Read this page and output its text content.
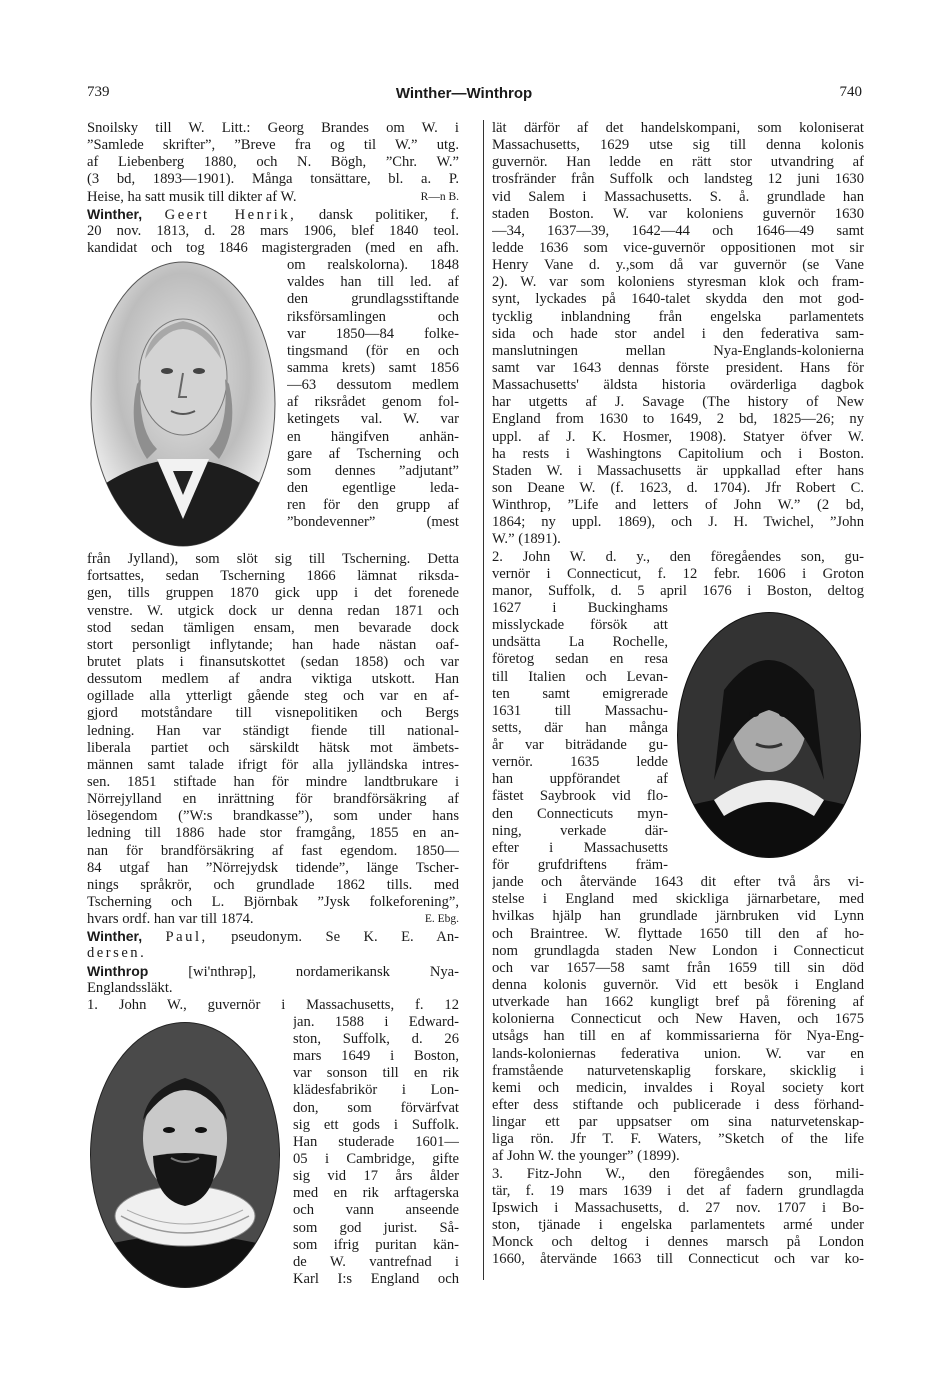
739	Winther—Winthrop	740
Snoilsky till W. Litt.: Georg Brandes om W. i
”Samlede skrifter”, ”Breve fra og til W.” utg.
af Liebenberg 1880, och N. Bögh, ”Chr. W.”
(3 bd, 1893—1901). Många tonsättare, bl. a. P.
Heise, ha satt musik till dikter af W.	R—n B.
Winther, Geert Henrik, dansk politiker, f.
20 nov. 1813, d. 28 mars 1906, blef 1840 teol.
kandidat och tog 1846 magistergraden (med en afh.
om realskolorna). 1848
valdes han till led. af
den grundlagsstiftande
riksförsamlingen och
var 1850—84 folke-
tingsmand (för en och
samma krets) samt 1856
—63 dessutom medlem
af riksrådet genom fol-
ketingets val. W. var
en hängifven anhän-
gare af Tscherning och
som dennes ”adjutant”
den egentlige leda-
ren för den grupp af
”bondevenner” (mest
från Jylland), som slöt sig till Tscherning. Detta
fortsattes, sedan Tscherning 1866 lämnat riksda-
gen, tills gruppen 1870 gick upp i det forenede
venstre. W. utgick dock ur denna redan 1871 och
stod sedan tämligen ensam, men bevarade dock
stort personligt inflytande; han hade nästan oaf-
brutet plats i finansutskottet (sedan 1858) och var
dessutom medlem af andra viktiga utskott. Han
ogillade alla ytterligt gående steg och var en af-
gjord motståndare till visnepolitiken och Bergs
ledning. Han var ständigt fiende till national-
liberala partiet och särskildt hätsk mot ämbets-
männen samt talade ifrigt för alla jylländska intres-
sen. 1851 stiftade han för mindre landtbrukare i
Nörrejylland en inrättning för brandförsäkring af
lösegendom (”W:s brandkasse”), som under hans
ledning till 1886 hade stor framgång, 1855 en an-
nan för brandförsäkring af fast egendom. 1850—
84 utgaf han ”Nörrejydsk tidende”, länge Tscher-
nings språkrör, och grundlade 1862 tills. med
Tscherning och L. Björnbak ”Jysk folkeforening”,
hvars ordf. han var till 1874.	E. Ebg.
Winther, Paul, pseudonym. Se K. E. An-
dersen.
Winthrop	[wi'nthrəp], nordamerikansk Nya-
Englandssläkt.
1. John W., guvernör i Massachusetts, f. 12
jan. 1588 i Edward-
ston, Suffolk, d. 26
mars 1649 i Boston,
var sonson till en rik
klädesfabrikör i Lon-
don, som förvärfvat
sig ett gods i Suffolk.
Han studerade 1601—
05 i Cambridge, gifte
sig vid 17 års ålder
med en rik arftagerska
och vann anseende
som god jurist. Så-
som ifrig puritan kän-
de W. vantrefnad i
Karl I:s England och
lät därför af det handelskompani, som koloniserat
Massachusetts, 1629 utse sig till denna kolonis
guvernör. Han ledde en rätt stor utvandring af
trosfränder från Suffolk och landsteg 12 juni 1630
vid Salem i Massachusetts. S. å. grundlade han
staden Boston. W. var koloniens guvernör 1630
—34, 1637—39, 1642—44 och 1646—49 samt
ledde 1636 som vice-guvernör oppositionen mot sir
Henry Vane d. y.,som då var guvernör (se Vane
2). W. var som koloniens styresman klok och fram-
synt, lyckades på 1640-talet skydda den mot god-
tycklig inblandning från engelska parlamentets
sida och hade stor andel i den federativa sam-
manslutningen mellan Nya-Englands-kolonierna
samt var 1643 dennas förste president. Hans för
Massachusetts' äldsta historia ovärderliga dagbok
har utgetts af J. Savage (The history of New
England from 1630 to 1649, 2 bd, 1825—26; ny
uppl. af J. K. Hosmer, 1908). Statyer öfver W.
ha rests i Washingtons Capitolium och i Boston.
Staden W. i Massachusetts är uppkallad efter hans
son Deane W. (f. 1623, d. 1704). Jfr Robert C.
Winthrop, ”Life and letters of John W.” (2 bd,
1864; ny uppl. 1869), och J. H. Twichel, ”John
W.” (1891).
2. John W. d. y., den föregåendes son, gu-
vernör i Connecticut, f. 12 febr. 1606 i Groton
manor, Suffolk, d. 5 april 1676 i Boston, deltog
1627 i Buckinghams
misslyckade försök att
undsätta La Rochelle,
företog sedan en resa
till Italien och Levan-
ten samt emigrerade
1631 till Massachu-
setts, där han många
år var biträdande gu-
vernör. 1635 ledde
han uppförandet af
fästet Saybrook vid flo-
den Connecticuts myn-
ning, verkade där-
efter i Massachusetts
för grufdriftens främ-
jande och återvände 1643 dit efter två års vi-
stelse i England med skickliga järnarbetare, med
hvilkas hjälp han grundlade järnbruken vid Lynn
och Braintree. W. flyttade 1650 till den af ho-
nom grundlagda staden New London i Connecticut
och var 1657—58 samt från 1659 till sin död
denna kolonis guvernör. Vid ett besök i England
utverkade han 1662 kungligt bref på förening af
kolonierna Connecticut och New Haven, och 1675
utsågs han till en af kommissarierna för Nya-Eng-
lands-koloniernas federativa union. W. var en
framstående naturvetenskaplig forskare, skicklig i
kemi och medicin, invaldes i Royal society kort
efter dess stiftande och publicerade i dess förhand-
lingar ett par uppsatser om sina naturvetenskap-
liga rön. Jfr T. F. Waters, ”Sketch of the life
af John W. the younger” (1899).
3. Fitz-John W., den föregåendes son, mili-
tär, f. 19 mars 1639 i det af fadern grundlagda
Ipswich i Massachusetts, d. 27 nov. 1707 i Bo-
ston, tjänade i engelska parlamentets armé under
Monck och deltog i dennes marsch på London
1660, återvände 1663 till Connecticut och var ko-
